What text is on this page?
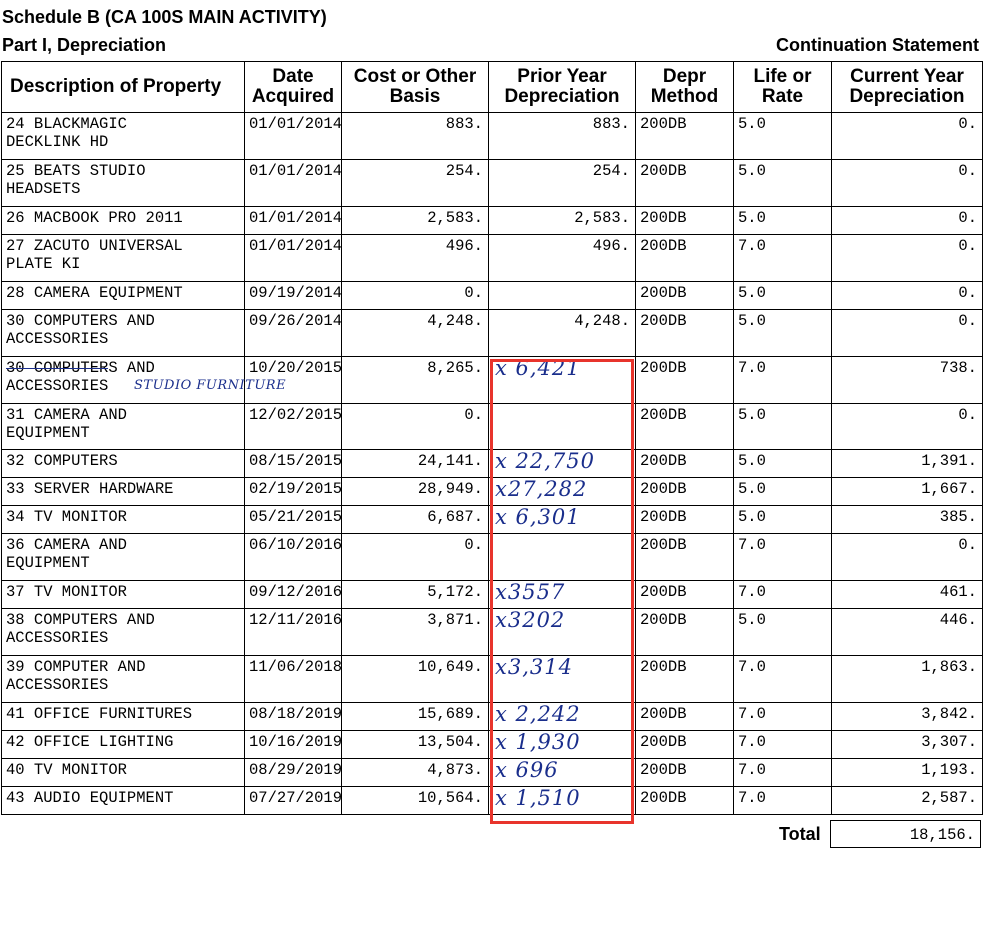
Schedule B (CA 100S MAIN ACTIVITY)
Part I, Depreciation	Continuation Statement
Description of Property	Date Acquired	Cost or Other Basis	Prior Year Depreciation	Depr Method	Life or Rate	Current Year Depreciation
24 BLACKMAGIC
DECKLINK HD	01/01/2014	883.	883.	200DB	5.0	0.
25 BEATS STUDIO
HEADSETS	01/01/2014	254.	254.	200DB	5.0	0.
26 MACBOOK PRO 2011	01/01/2014	2,583.	2,583.	200DB	5.0	0.
27 ZACUTO UNIVERSAL
PLATE KI	01/01/2014	496.	496.	200DB	7.0	0.
28 CAMERA EQUIPMENT	09/19/2014	0.		200DB	5.0	0.
30 COMPUTERS AND
ACCESSORIES	09/26/2014	4,248.	4,248.	200DB	5.0	0.

30 COMPUTERS AND
ACCESSORIES STUDIO FURNITURE	10/20/2015	8,265.	x 6,421	200DB	7.0	738.
31 CAMERA AND
EQUIPMENT	12/02/2015	0.		200DB	5.0	0.
32 COMPUTERS	08/15/2015	24,141.	x 22,750	200DB	5.0	1,391.
33 SERVER HARDWARE	02/19/2015	28,949.	x27,282	200DB	5.0	1,667.
34 TV MONITOR	05/21/2015	6,687.	x 6,301	200DB	5.0	385.
36 CAMERA AND
EQUIPMENT	06/10/2016	0.		200DB	7.0	0.
37 TV MONITOR	09/12/2016	5,172.	x3557	200DB	7.0	461.
38 COMPUTERS AND
ACCESSORIES	12/11/2016	3,871.	x3202	200DB	5.0	446.
39 COMPUTER AND
ACCESSORIES	11/06/2018	10,649.	x3,314	200DB	7.0	1,863.
41 OFFICE FURNITURES	08/18/2019	15,689.	x 2,242	200DB	7.0	3,842.
42 OFFICE LIGHTING	10/16/2019	13,504.	x 1,930	200DB	7.0	3,307.
40 TV MONITOR	08/29/2019	4,873.	x 696	200DB	7.0	1,193.
43 AUDIO EQUIPMENT	07/27/2019	10,564.	x 1,510	200DB	7.0	2,587.
Total	18,156.
